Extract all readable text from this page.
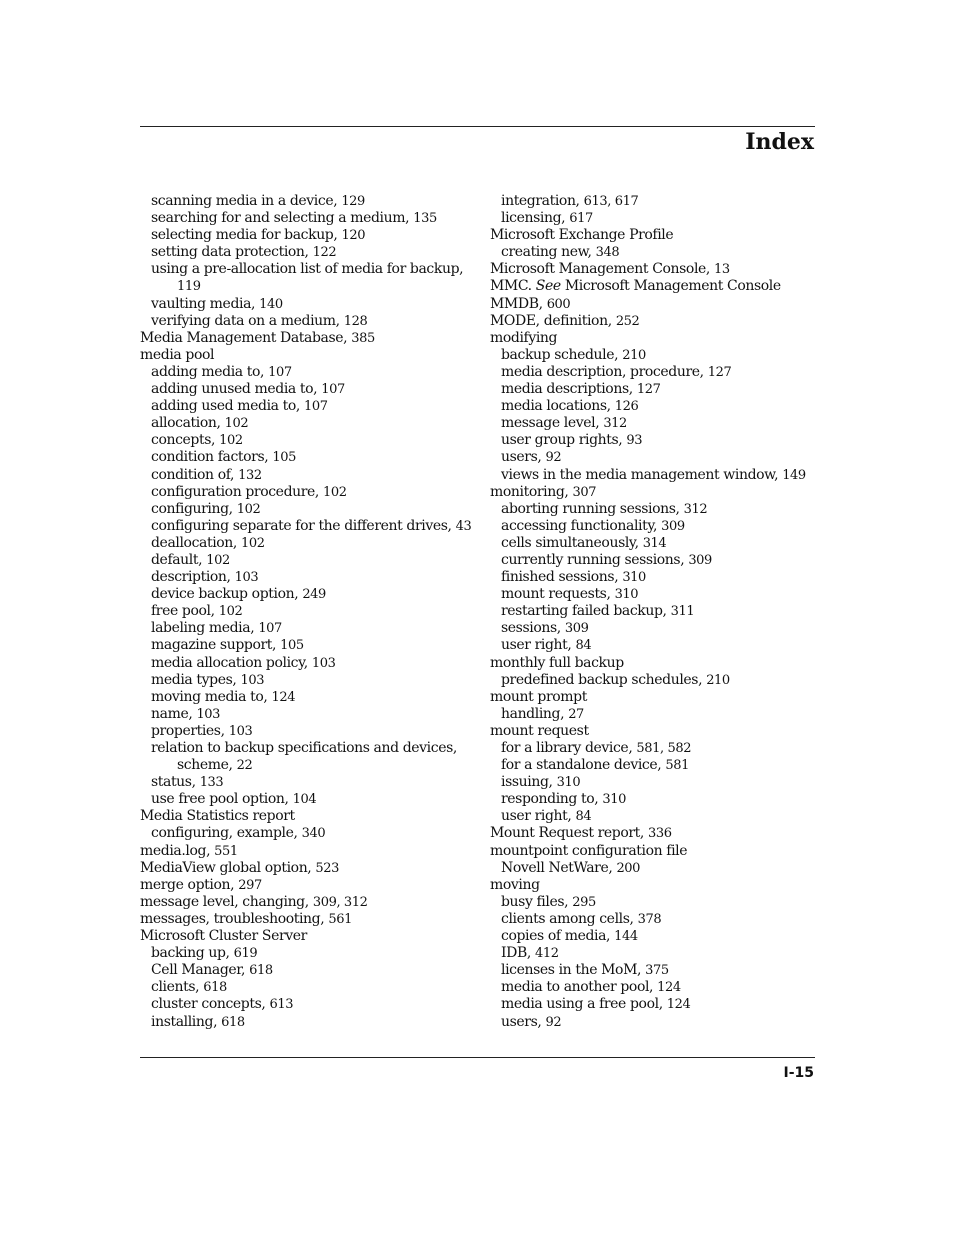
Index
scanning media in a device, 129
searching for and selecting a medium, 135
selecting media for backup, 120
setting data protection, 122
using a pre-allocation list of media for backup, 119
vaulting media, 140
verifying data on a medium, 128
Media Management Database, 385
media pool
adding media to, 107
adding unused media to, 107
adding used media to, 107
allocation, 102
concepts, 102
condition factors, 105
condition of, 132
configuration procedure, 102
configuring, 102
configuring separate for the different drives, 43
deallocation, 102
default, 102
description, 103
device backup option, 249
free pool, 102
labeling media, 107
magazine support, 105
media allocation policy, 103
media types, 103
moving media to, 124
name, 103
properties, 103
relation to backup specifications and devices, scheme, 22
status, 133
use free pool option, 104
Media Statistics report
configuring, example, 340
media.log, 551
MediaView global option, 523
merge option, 297
message level, changing, 309, 312
messages, troubleshooting, 561
Microsoft Cluster Server
backing up, 619
Cell Manager, 618
clients, 618
cluster concepts, 613
installing, 618
integration, 613, 617
licensing, 617
Microsoft Exchange Profile
creating new, 348
Microsoft Management Console, 13
MMC. See Microsoft Management Console
MMDB, 600
MODE, definition, 252
modifying
backup schedule, 210
media description, procedure, 127
media descriptions, 127
media locations, 126
message level, 312
user group rights, 93
users, 92
views in the media management window, 149
monitoring, 307
aborting running sessions, 312
accessing functionality, 309
cells simultaneously, 314
currently running sessions, 309
finished sessions, 310
mount requests, 310
restarting failed backup, 311
sessions, 309
user right, 84
monthly full backup
predefined backup schedules, 210
mount prompt
handling, 27
mount request
for a library device, 581, 582
for a standalone device, 581
issuing, 310
responding to, 310
user right, 84
Mount Request report, 336
mountpoint configuration file
Novell NetWare, 200
moving
busy files, 295
clients among cells, 378
copies of media, 144
IDB, 412
licenses in the MoM, 375
media to another pool, 124
media using a free pool, 124
users, 92
I-15
